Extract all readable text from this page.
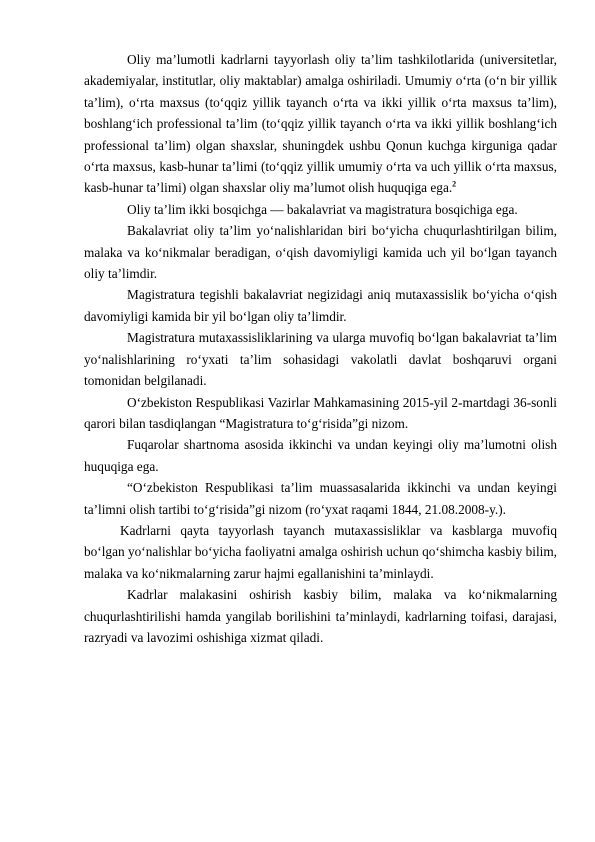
Oliy ma’lumotli kadrlarni tayyorlash oliy ta’lim tashkilotlarida (universitetlar, akademiyalar, institutlar, oliy maktablar) amalga oshiriladi. Umumiy o‘rta (o‘n bir yillik ta’lim), o‘rta maxsus (to‘qqiz yillik tayanch o‘rta va ikki yillik o‘rta maxsus ta’lim), boshlang‘ich professional ta’lim (to‘qqiz yillik tayanch o‘rta va ikki yillik boshlang‘ich professional ta’lim) olgan shaxslar, shuningdek ushbu Qonun kuchga kirguniga qadar o‘rta maxsus, kasb-hunar ta’limi (to‘qqiz yillik umumiy o‘rta va uch yillik o‘rta maxsus, kasb-hunar ta’limi) olgan shaxslar oliy ma’lumot olish huquqiga ega.$^2$

Oliy ta’lim ikki bosqichga — bakalavriat va magistratura bosqichiga ega.

Bakalavriat oliy ta’lim yo‘nalishlaridan biri bo‘yicha chuqurlashtirilgan bilim, malaka va ko‘nikmalar beradigan, o‘qish davomiyligi kamida uch yil bo‘lgan tayanch oliy ta’limdir.

Magistratura tegishli bakalavriat negizidagi aniq mutaxassislik bo‘yicha o‘qish davomiyligi kamida bir yil bo‘lgan oliy ta’limdir.

Magistratura mutaxassisliklarining va ularga muvofiq bo‘lgan bakalavriat ta’lim yo‘nalishlarining ro‘yxati ta’lim sohasidagi vakolatli davlat boshqaruvi organi tomonidan belgilanadi.

O‘zbekiston Respublikasi Vazirlar Mahkamasining 2015-yil 2-martdagi 36-sonli qarori bilan tasdiqlangan “Magistratura to‘g‘risida”gi nizom.

Fuqarolar shartnoma asosida ikkinchi va undan keyingi oliy ma’lumotni olish huquqiga ega.

“O‘zbekiston Respublikasi ta’lim muassasalarida ikkinchi va undan keyingi ta’limni olish tartibi to‘g‘risida”gi nizom (ro‘yxat raqami 1844, 21.08.2008-y.).

Kadrlarni qayta tayyorlash tayanch mutaxassisliklar va kasblarga muvofiq bo‘lgan yo‘nalishlar bo‘yicha faoliyatni amalga oshirish uchun qo‘shimcha kasbiy bilim, malaka va ko‘nikmalarning zarur hajmi egallanishini ta’minlaydi.

Kadrlar malakasini oshirish kasbiy bilim, malaka va ko‘nikmalarning chuqurlashtirilishi hamda yangilab borilishini ta’minlaydi, kadrlarning toifasi, darajasi, razryadi va lavozimi oshishiga xizmat qiladi.
